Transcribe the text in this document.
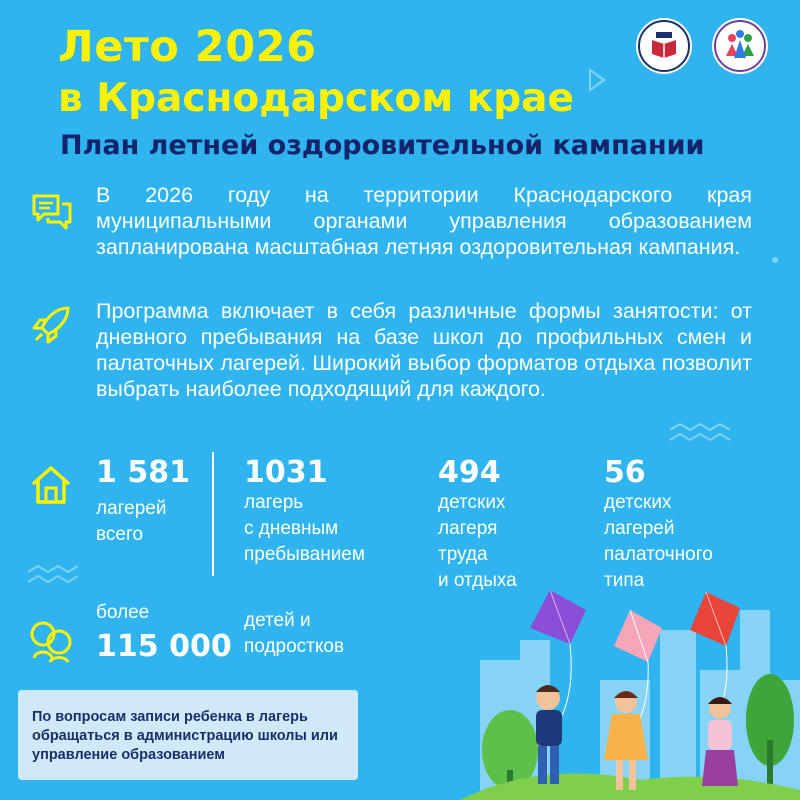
Лето 2026
в Краснодарском крае
План летней оздоровительной кампании
В 2026 году на территории Краснодарского края муниципальными органами управления образованием запланирована масштабная летняя оздоровительная кампания.
Программа включает в себя различные формы занятости: от дневного пребывания на базе школ до профильных смен и палаточных лагерей. Широкий выбор форматов отдыха позволит выбрать наиболее подходящий для каждого.
1 581
лагерей
всего
1031
лагерь
с дневным
пребыванием
494
детских
лагеря
труда
и отдыха
56
детских
лагерей
палаточного
типа
более
115 000
детей и
подростков
По вопросам записи ребенка в лагерь обращаться в администрацию школы или управление образованием
